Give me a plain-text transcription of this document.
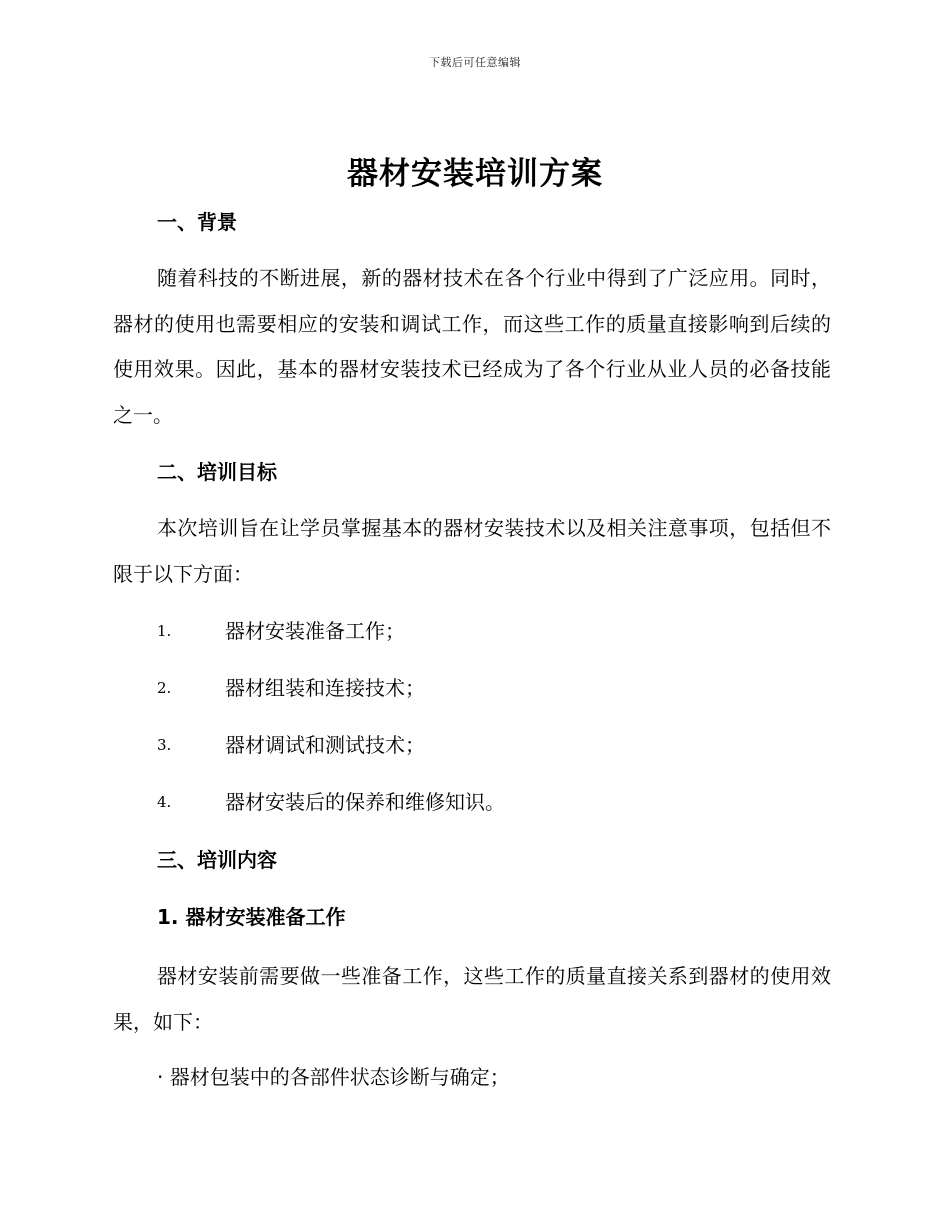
下载后可任意编辑
器材安装培训方案
一、背景
随着科技的不断进展，新的器材技术在各个行业中得到了广泛应用。同时，器材的使用也需要相应的安装和调试工作，而这些工作的质量直接影响到后续的使用效果。因此，基本的器材安装技术已经成为了各个行业从业人员的必备技能之一。
二、培训目标
本次培训旨在让学员掌握基本的器材安装技术以及相关注意事项，包括但不限于以下方面：
1.	器材安装准备工作；
2.	器材组装和连接技术；
3.	器材调试和测试技术；
4.	器材安装后的保养和维修知识。
三、培训内容
1. 器材安装准备工作
器材安装前需要做一些准备工作，这些工作的质量直接关系到器材的使用效果，如下：
· 器材包装中的各部件状态诊断与确定；
